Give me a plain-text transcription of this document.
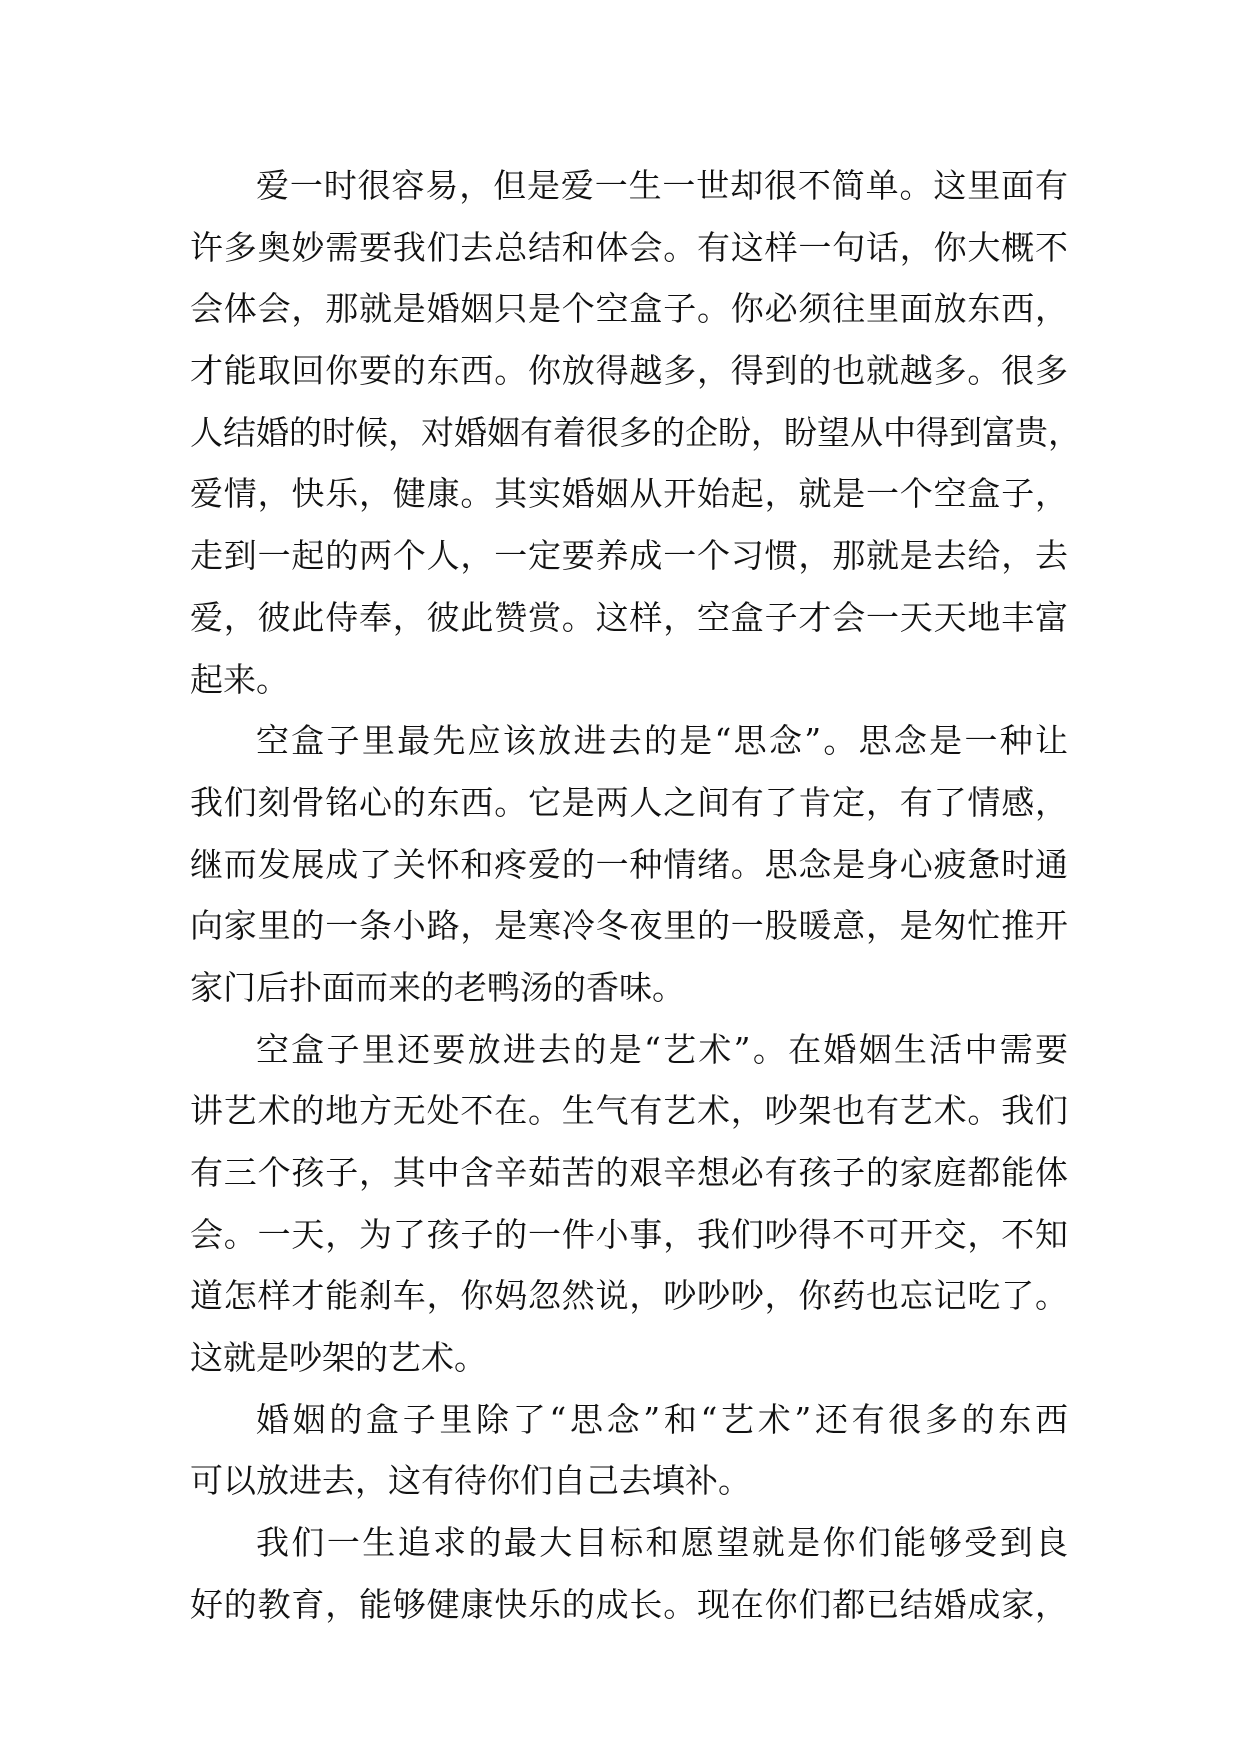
爱一时很容易，但是爱一生一世却很不简单。这里面有
许多奥妙需要我们去总结和体会。有这样一句话，你大概不
会体会，那就是婚姻只是个空盒子。你必须往里面放东西，
才能取回你要的东西。你放得越多，得到的也就越多。很多
人结婚的时候，对婚姻有着很多的企盼，盼望从中得到富贵，
爱情，快乐，健康。其实婚姻从开始起，就是一个空盒子，
走到一起的两个人，一定要养成一个习惯，那就是去给，去
爱，彼此侍奉，彼此赞赏。这样，空盒子才会一天天地丰富
起来。
空盒子里最先应该放进去的是“思念”。思念是一种让
我们刻骨铭心的东西。它是两人之间有了肯定，有了情感，
继而发展成了关怀和疼爱的一种情绪。思念是身心疲惫时通
向家里的一条小路，是寒冷冬夜里的一股暖意，是匆忙推开
家门后扑面而来的老鸭汤的香味。
空盒子里还要放进去的是“艺术”。在婚姻生活中需要
讲艺术的地方无处不在。生气有艺术，吵架也有艺术。我们
有三个孩子，其中含辛茹苦的艰辛想必有孩子的家庭都能体
会。一天，为了孩子的一件小事，我们吵得不可开交，不知
道怎样才能刹车，你妈忽然说，吵吵吵，你药也忘记吃了。
这就是吵架的艺术。
婚姻的盒子里除了“思念”和“艺术”还有很多的东西
可以放进去，这有待你们自己去填补。
我们一生追求的最大目标和愿望就是你们能够受到良
好的教育，能够健康快乐的成长。现在你们都已结婚成家，
